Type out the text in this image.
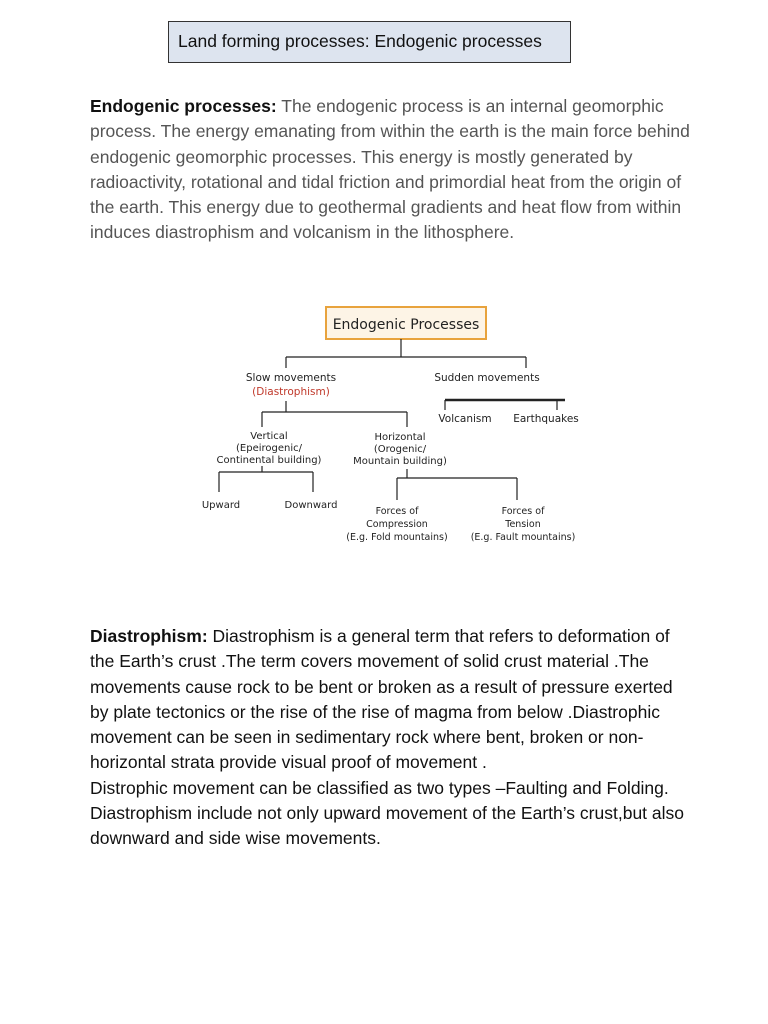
Land forming processes: Endogenic processes
Endogenic processes: The endogenic process is an internal geomorphic process. The energy emanating from within the earth is the main force behind endogenic geomorphic processes. This energy is mostly generated by radioactivity, rotational and tidal friction and primordial heat from the origin of the earth. This energy due to geothermal gradients and heat flow from within induces diastrophism and volcanism in the lithosphere.
Endogenic Processes
Slow movements
(Diastrophism)
Sudden movements
Volcanism Earthquakes
Vertical
(Epeirogenic/
Continental building)
Horizontal
(Orogenic/
Mountain building)
Upward	Downward
Forces of
Compression
(E.g. Fold mountains)
Forces of
Tension
(E.g. Fault mountains)

Diastrophism: Diastrophism is a general term that refers to deformation of the Earth’s crust .The term covers movement of solid crust material .The movements cause rock to be bent or broken as a result of pressure exerted by plate tectonics or the rise of the rise of magma from below .Diastrophic movement can be seen in sedimentary rock where bent, broken or non-horizontal strata provide visual proof of movement .

Distrophic movement can be classified as two types –Faulting and Folding. Diastrophism include not only upward movement of the Earth’s crust,but also downward and side wise movements.
